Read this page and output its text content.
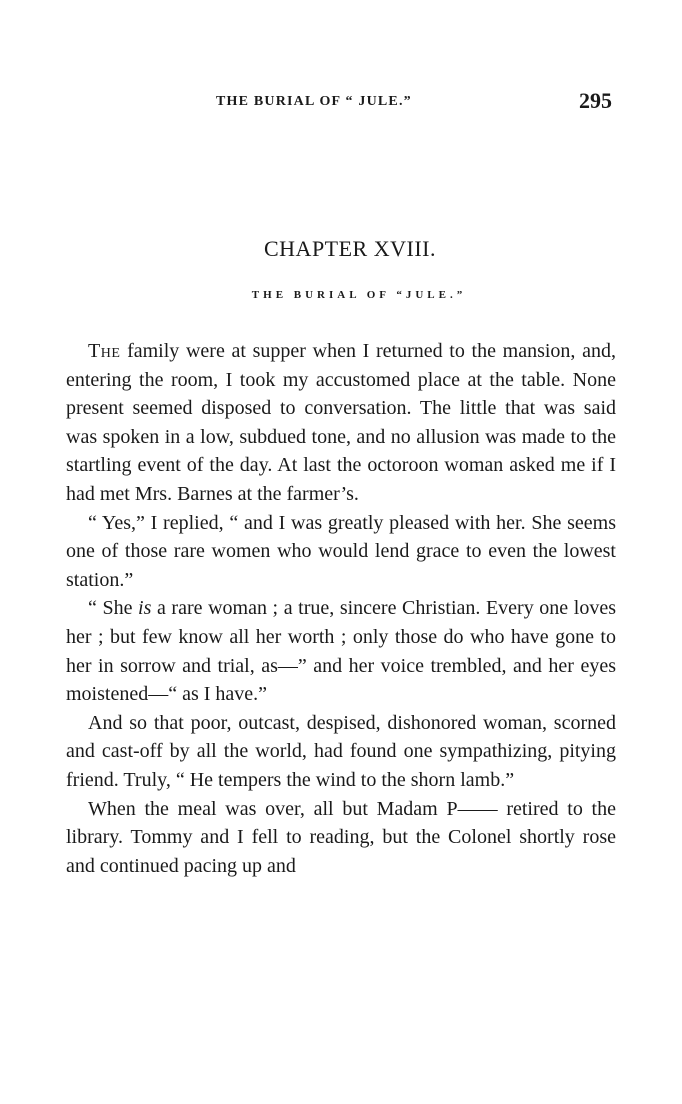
THE BURIAL OF “ JULE.”	295
CHAPTER XVIII.
THE BURIAL OF “JULE.”

The family were at supper when I returned to the mansion, and, entering the room, I took my accustomed place at the table. None present seemed disposed to conversation. The little that was said was spoken in a low, subdued tone, and no allusion was made to the startling event of the day. At last the octoroon woman asked me if I had met Mrs. Barnes at the farmer’s.

“ Yes,” I replied, “ and I was greatly pleased with her. She seems one of those rare women who would lend grace to even the lowest station.”

“ She is a rare woman ; a true, sincere Christian. Every one loves her ; but few know all her worth ; only those do who have gone to her in sorrow and trial, as—” and her voice trembled, and her eyes moistened—“ as I have.”

And so that poor, outcast, despised, dishonored woman, scorned and cast-off by all the world, had found one sympathizing, pitying friend. Truly, “ He tempers the wind to the shorn lamb.”

When the meal was over, all but Madam P—— retired to the library. Tommy and I fell to reading, but the Colonel shortly rose and continued pacing up and
